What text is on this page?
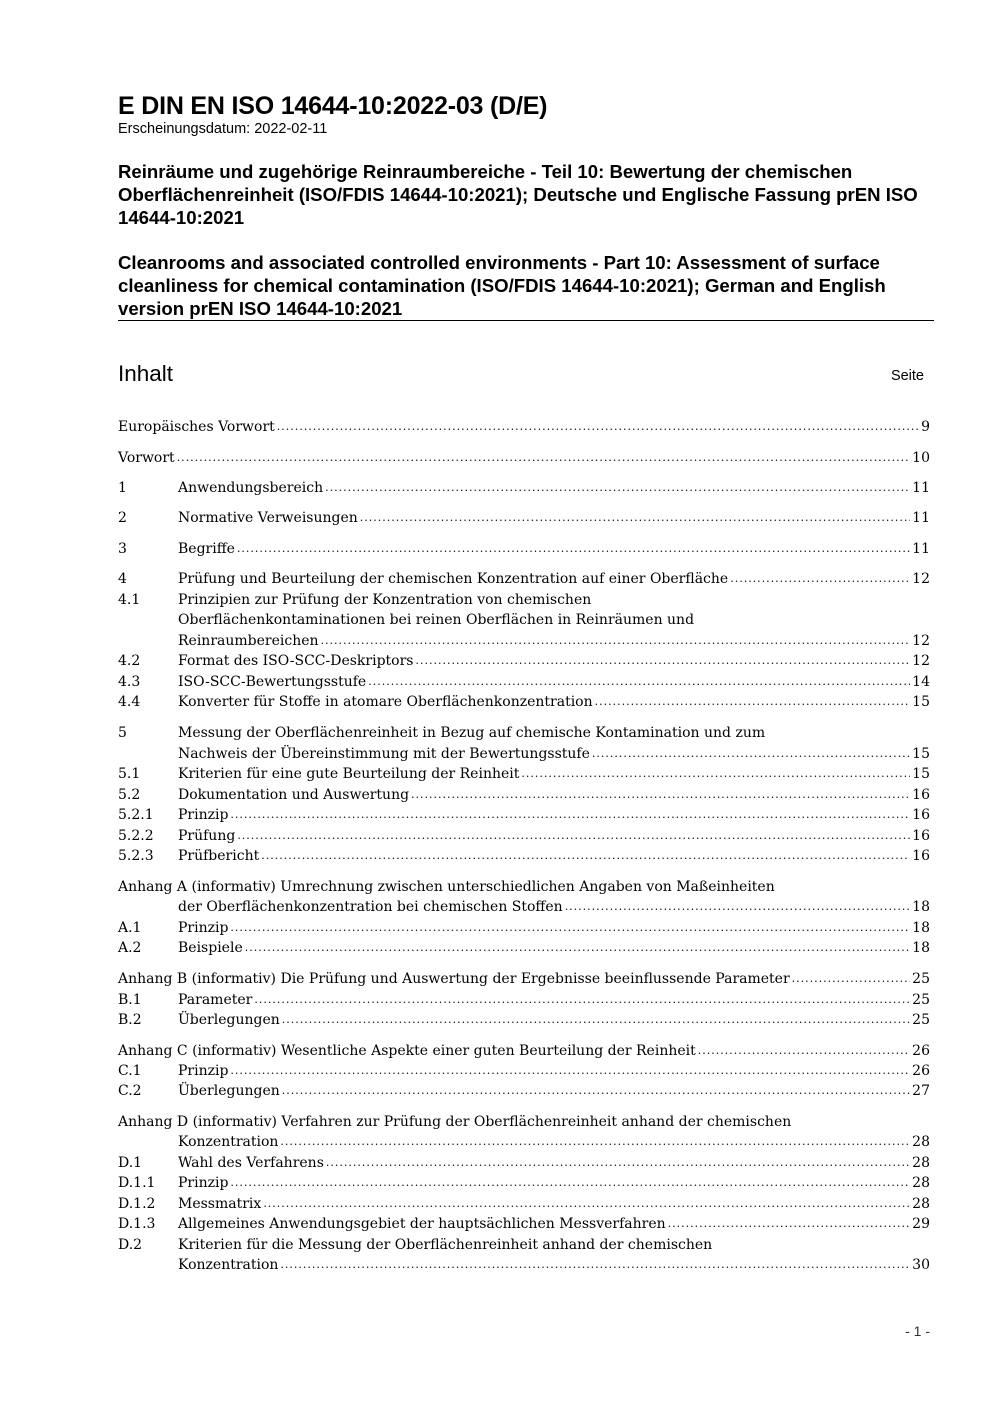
E DIN EN ISO 14644-10:2022-03 (D/E)
Erscheinungsdatum: 2022-02-11
Reinräume und zugehörige Reinraumbereiche - Teil 10: Bewertung der chemischen Oberflächenreinheit (ISO/FDIS 14644-10:2021); Deutsche und Englische Fassung prEN ISO 14644-10:2021
Cleanrooms and associated controlled environments - Part 10: Assessment of surface cleanliness for chemical contamination (ISO/FDIS 14644-10:2021); German and English version prEN ISO 14644-10:2021
Inhalt	Seite
Europäisches Vorwort .....	9
Vorwort .....	10
1	Anwendungsbereich .....	11
2	Normative Verweisungen .....	11
3	Begriffe .....	11
4	Prüfung und Beurteilung der chemischen Konzentration auf einer Oberfläche .....	12
4.1	Prinzipien zur Prüfung der Konzentration von chemischen
Oberflächenkontaminationen bei reinen Oberflächen in Reinräumen und
Reinraumbereichen .....	12
4.2	Format des ISO-SCC-Deskriptors .....	12
4.3	ISO-SCC-Bewertungsstufe .....	14
4.4	Konverter für Stoffe in atomare Oberflächenkonzentration .....	15
5	Messung der Oberflächenreinheit in Bezug auf chemische Kontamination und zum
Nachweis der Übereinstimmung mit der Bewertungsstufe .....	15
5.1	Kriterien für eine gute Beurteilung der Reinheit .....	15
5.2	Dokumentation und Auswertung .....	16
5.2.1 Prinzip .....	16
5.2.2 Prüfung .....	16
5.2.3 Prüfbericht .....	16
Anhang A (informativ) Umrechnung zwischen unterschiedlichen Angaben von Maßeinheiten
der Oberflächenkonzentration bei chemischen Stoffen .....	18
A.1	Prinzip .....	18
A.2	Beispiele .....	18
Anhang B (informativ) Die Prüfung und Auswertung der Ergebnisse beeinflussende Parameter .....	25
B.1	Parameter .....	25
B.2	Überlegungen .....	25
Anhang C (informativ) Wesentliche Aspekte einer guten Beurteilung der Reinheit .....	26
C.1	Prinzip .....	26
C.2	Überlegungen .....	27
Anhang D (informativ) Verfahren zur Prüfung der Oberflächenreinheit anhand der chemischen
Konzentration .....	28
D.1	Wahl des Verfahrens .....	28
D.1.1 Prinzip .....	28
D.1.2 Messmatrix .....	28
D.1.3 Allgemeines Anwendungsgebiet der hauptsächlichen Messverfahren .....	29
D.2	Kriterien für die Messung der Oberflächenreinheit anhand der chemischen
Konzentration .....	30
- 1 -
